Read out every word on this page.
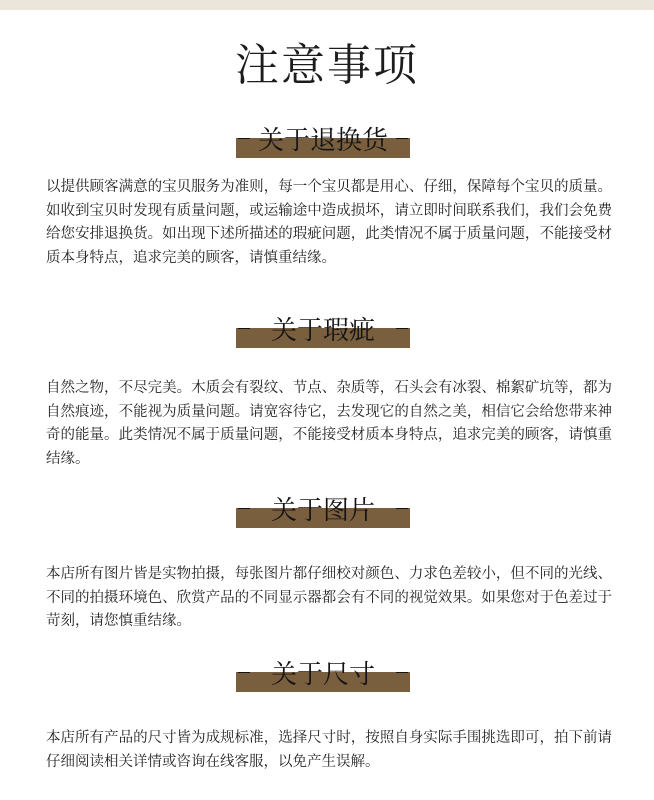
注意事项
关于退换货
以提供顾客满意的宝贝服务为准则，每一个宝贝都是用心、仔细，保障每个宝贝的质量。如收到宝贝时发现有质量问题，或运输途中造成损坏，请立即时间联系我们，我们会免费给您安排退换货。如出现下述所描述的瑕疵问题，此类情况不属于质量问题，不能接受材质本身特点，追求完美的顾客，请慎重结缘。
关于瑕疵
自然之物，不尽完美。木质会有裂纹、节点、杂质等，石头会有冰裂、棉絮矿坑等，都为自然痕迹，不能视为质量问题。请宽容待它，去发现它的自然之美，相信它会给您带来神奇的能量。此类情况不属于质量问题，不能接受材质本身特点，追求完美的顾客，请慎重结缘。
关于图片
本店所有图片皆是实物拍摄，每张图片都仔细校对颜色、力求色差较小，但不同的光线、不同的拍摄环境色、欣赏产品的不同显示器都会有不同的视觉效果。如果您对于色差过于苛刻，请您慎重结缘。
关于尺寸
本店所有产品的尺寸皆为成规标准，选择尺寸时，按照自身实际手围挑选即可，拍下前请仔细阅读相关详情或咨询在线客服，以免产生误解。
